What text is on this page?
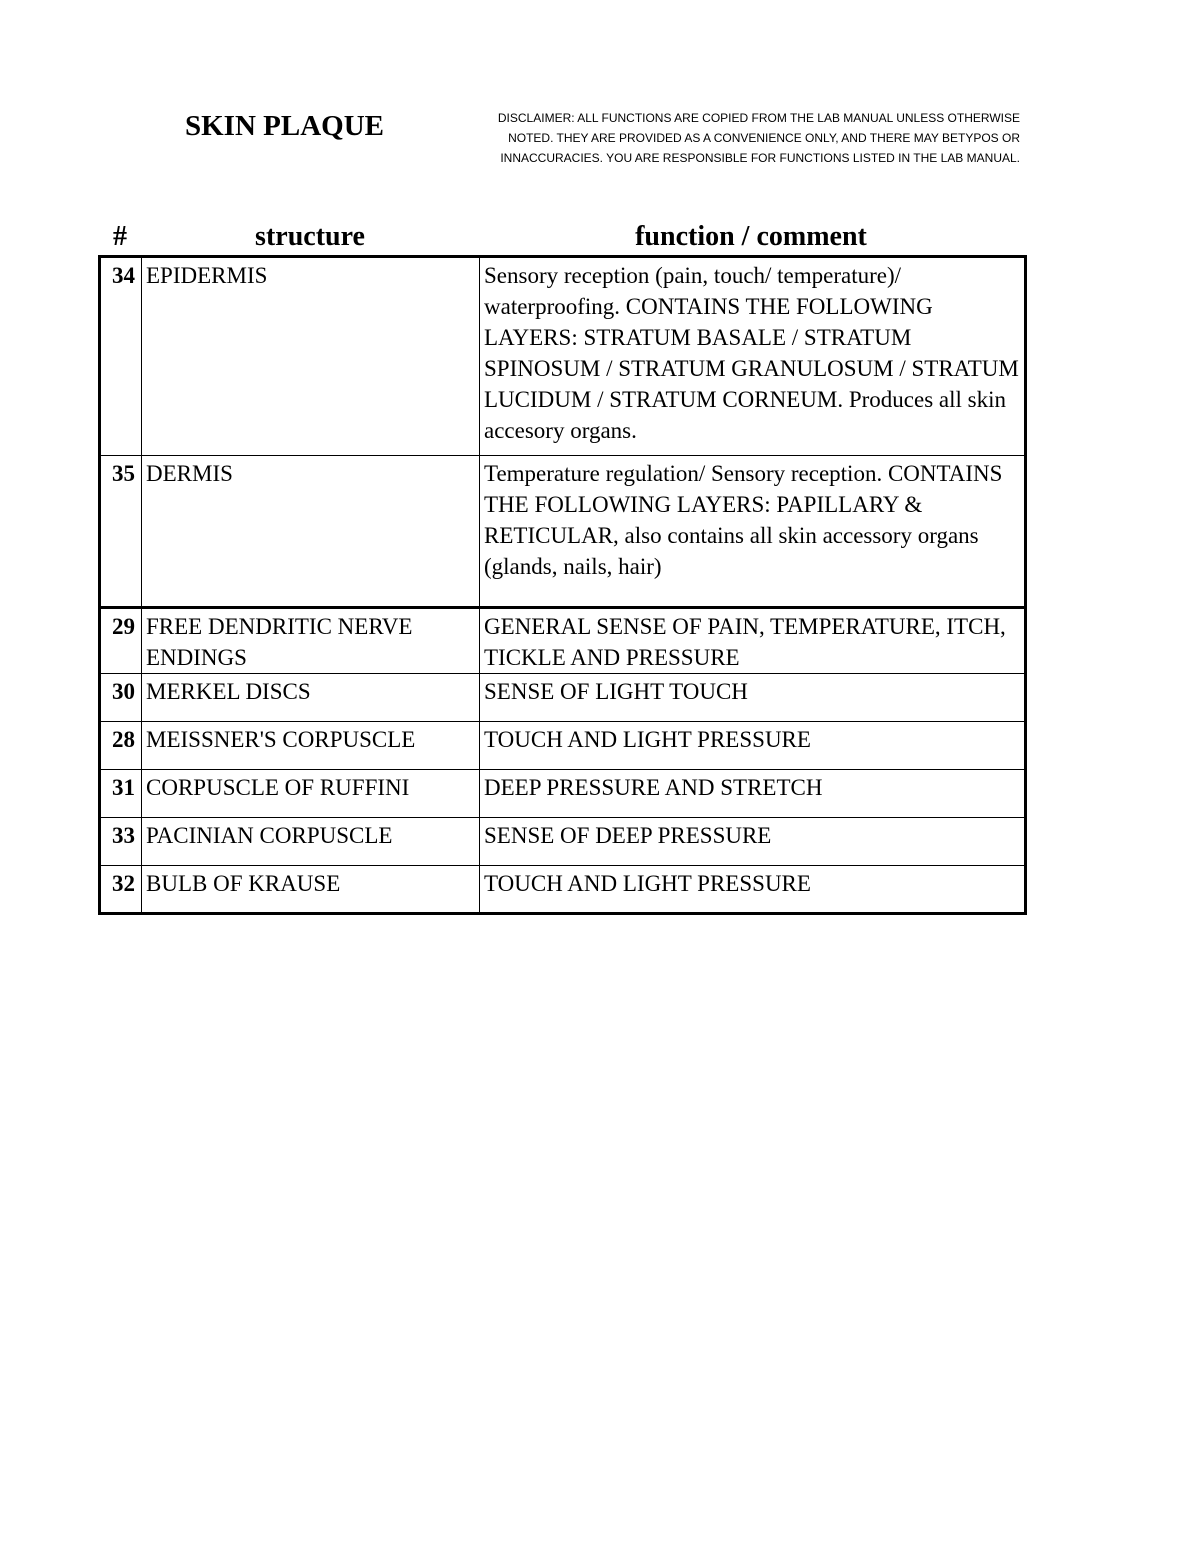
SKIN PLAQUE	DISCLAIMER: ALL FUNCTIONS ARE COPIED FROM THE LAB MANUAL UNLESS OTHERWISE NOTED. THEY ARE PROVIDED AS A CONVENIENCE ONLY, AND THERE MAY BETYPOS OR INNACCURACIES. YOU ARE RESPONSIBLE FOR FUNCTIONS LISTED IN THE LAB MANUAL.

#	structure	function / comment
34	EPIDERMIS	Sensory reception (pain, touch/ temperature)/ waterproofing. CONTAINS THE FOLLOWING LAYERS: STRATUM BASALE / STRATUM SPINOSUM / STRATUM GRANULOSUM / STRATUM LUCIDUM / STRATUM CORNEUM. Produces all skin accesory organs.
35	DERMIS	Temperature regulation/ Sensory reception. CONTAINS THE FOLLOWING LAYERS: PAPILLARY & RETICULAR, also contains all skin accessory organs (glands, nails, hair)
29	FREE DENDRITIC NERVE ENDINGS	GENERAL SENSE OF PAIN, TEMPERATURE, ITCH, TICKLE AND PRESSURE
30	MERKEL DISCS	SENSE OF LIGHT TOUCH
28	MEISSNER'S CORPUSCLE	TOUCH AND LIGHT PRESSURE
31	CORPUSCLE OF RUFFINI	DEEP PRESSURE AND STRETCH
33	PACINIAN CORPUSCLE	SENSE OF DEEP PRESSURE
32	BULB OF KRAUSE	TOUCH AND LIGHT PRESSURE
